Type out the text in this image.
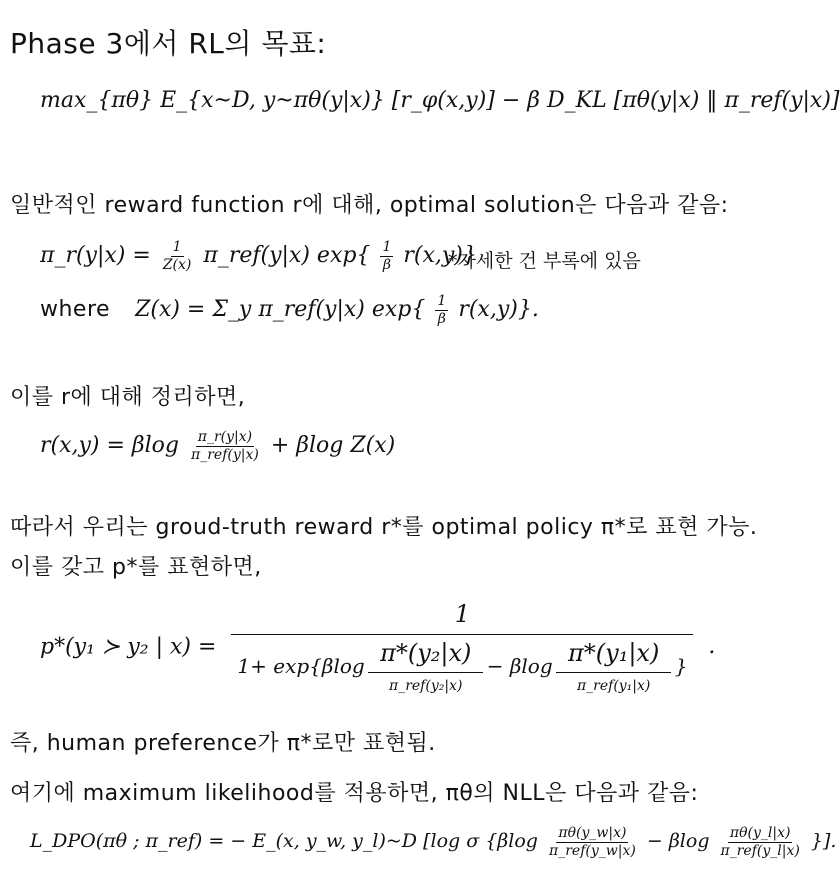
Phase 3에서 RL의 목표:
max_{πθ} E_{x~D, y~πθ(y|x)} [r_φ(x,y)] − β D_KL [πθ(y|x) ‖ π_ref(y|x)]
일반적인 reward function r에 대해, optimal solution은 다음과 같음:
π_r(y|x) = $\frac{1}{Z(x)}$ π_ref(y|x) $\exp\{ \frac{1}{\beta} r(x,y)\}$
*자세한 건 부록에 있음
where Z(x) = Σ_y π_ref(y|x) $\exp\{ \frac{1}{\beta} r(x,y)\}$.
이를 r에 대해 정리하면,
r(x,y) = βlog $\frac{\pi\_r(y|x)}{\text{π\_ref(y|x)}} + \beta\log$ Z(x)
따라서 우리는 groud-truth reward r*를 optimal policy π*로 표현 가능.
이를 갖고 p*를 표현하면,
p*(y₁ ≻ y₂ | x) =
1
$1+ \exp\{\beta\log \frac{\text{π*(y₂|x)}}{\text{π\_ref(y₂|x)}} - \beta\log \frac{\text{π*(y₁|x)}}{\text{π\_ref(y₁|x)}}$ }
.
즉, human preference가 π*로만 표현됨.
여기에 maximum likelihood를 적용하면, πθ의 NLL은 다음과 같음:
L_DPO(πθ ; π_ref) = − E_(x, y_w, y_l)~D [log σ {$\beta\log \frac{\pi\theta(y\_w|x)}{\text{π\_ref(y\_w|x)}} - \beta\log \frac{\pi\theta(y\_l|x)}{\text{π\_ref(y\_l|x)}}$ }].
